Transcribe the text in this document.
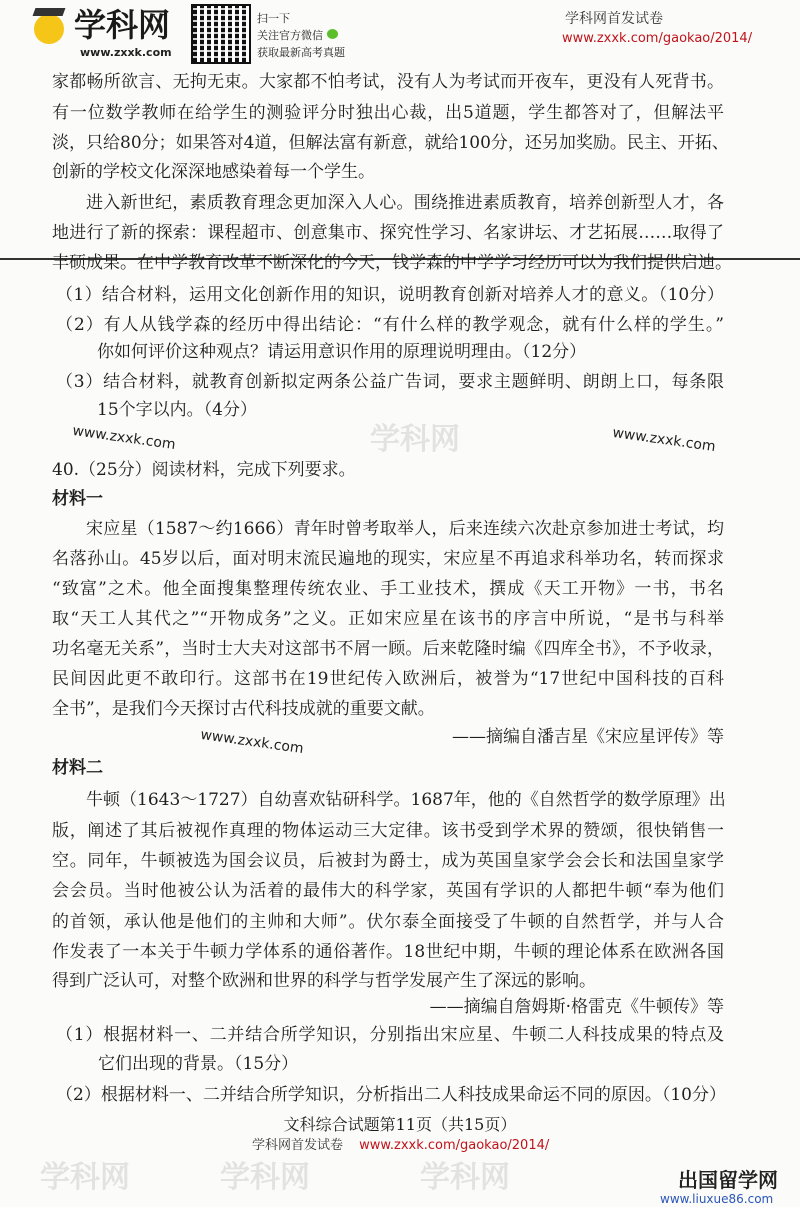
学科网
www.zxxk.com
扫一下
关注官方微信
获取最新高考真题
学科网首发试卷
www.zxxk.com/gaokao/2014/
www.zxxk.com	www.zxxk.com
www.zxxk.com
学科网
学科网	学科网	学科网
家都畅所欲言、无拘无束。大家都不怕考试，没有人为考试而开夜车，更没有人死背书。
有一位数学教师在给学生的测验评分时独出心裁，出5道题，学生都答对了，但解法平
淡，只给80分；如果答对4道，但解法富有新意，就给100分，还另加奖励。民主、开拓、
创新的学校文化深深地感染着每一个学生。
进入新世纪，素质教育理念更加深入人心。围绕推进素质教育，培养创新型人才，各
地进行了新的探索：课程超市、创意集市、探究性学习、名家讲坛、才艺拓展……取得了
丰硕成果。在中学教育改革不断深化的今天，钱学森的中学学习经历可以为我们提供启迪。
（1）结合材料，运用文化创新作用的知识，说明教育创新对培养人才的意义。（10分）
（2）有人从钱学森的经历中得出结论：“有什么样的教学观念，就有什么样的学生。”
你如何评价这种观点？请运用意识作用的原理说明理由。（12分）
（3）结合材料，就教育创新拟定两条公益广告词，要求主题鲜明、朗朗上口，每条限
15个字以内。（4分）
40.（25分）阅读材料，完成下列要求。
材料一
宋应星（1587～约1666）青年时曾考取举人，后来连续六次赴京参加进士考试，均
名落孙山。45岁以后，面对明末流民遍地的现实，宋应星不再追求科举功名，转而探求
“致富”之术。他全面搜集整理传统农业、手工业技术，撰成《天工开物》一书，书名
取“天工人其代之”“开物成务”之义。正如宋应星在该书的序言中所说，“是书与科举
功名毫无关系”，当时士大夫对这部书不屑一顾。后来乾隆时编《四库全书》，不予收录，
民间因此更不敢印行。这部书在19世纪传入欧洲后，被誉为“17世纪中国科技的百科
全书”，是我们今天探讨古代科技成就的重要文献。
——摘编自潘吉星《宋应星评传》等
材料二
牛顿（1643～1727）自幼喜欢钻研科学。1687年，他的《自然哲学的数学原理》出
版，阐述了其后被视作真理的物体运动三大定律。该书受到学术界的赞颂，很快销售一
空。同年，牛顿被选为国会议员，后被封为爵士，成为英国皇家学会会长和法国皇家学
会会员。当时他被公认为活着的最伟大的科学家，英国有学识的人都把牛顿“奉为他们
的首领，承认他是他们的主帅和大师”。伏尔泰全面接受了牛顿的自然哲学，并与人合
作发表了一本关于牛顿力学体系的通俗著作。18世纪中期，牛顿的理论体系在欧洲各国
得到广泛认可，对整个欧洲和世界的科学与哲学发展产生了深远的影响。
——摘编自詹姆斯·格雷克《牛顿传》等
（1）根据材料一、二并结合所学知识，分别指出宋应星、牛顿二人科技成果的特点及
它们出现的背景。（15分）
（2）根据材料一、二并结合所学知识，分析指出二人科技成果命运不同的原因。（10分）
文科综合试题第11页（共15页）
学科网首发试卷 www.zxxk.com/gaokao/2014/
出国留学网
www.liuxue86.com
